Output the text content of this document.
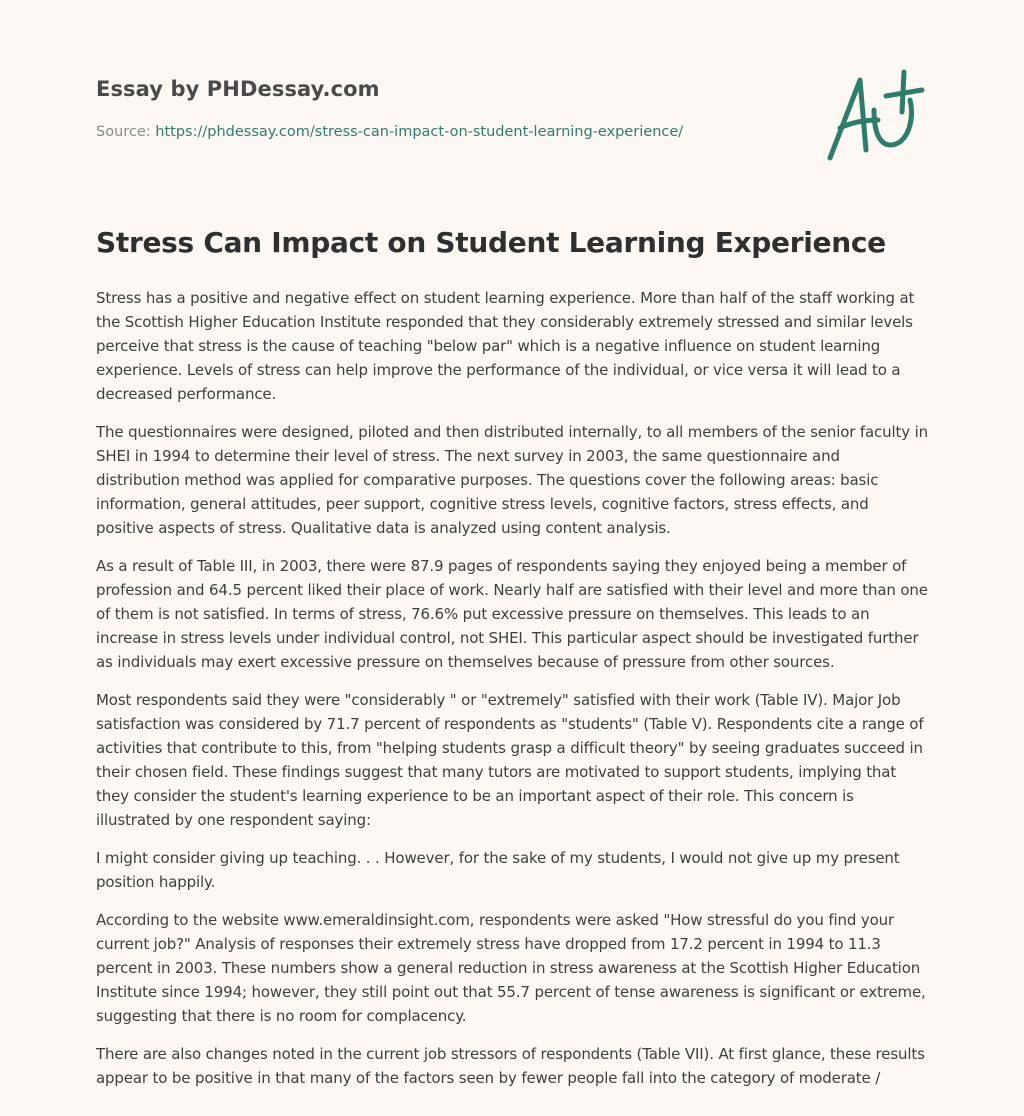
Essay by PHDessay.com
Source: https://phdessay.com/stress-can-impact-on-student-learning-experience/
Stress Can Impact on Student Learning Experience

Stress has a positive and negative effect on student learning experience. More than half of the staff working at the Scottish Higher Education Institute responded that they considerably extremely stressed and similar levels perceive that stress is the cause of teaching "below par" which is a negative influence on student learning experience. Levels of stress can help improve the performance of the individual, or vice versa it will lead to a decreased performance.

The questionnaires were designed, piloted and then distributed internally, to all members of the senior faculty in SHEI in 1994 to determine their level of stress. The next survey in 2003, the same questionnaire and distribution method was applied for comparative purposes. The questions cover the following areas: basic information, general attitudes, peer support, cognitive stress levels, cognitive factors, stress effects, and positive aspects of stress. Qualitative data is analyzed using content analysis.

As a result of Table III, in 2003, there were 87.9 pages of respondents saying they enjoyed being a member of profession and 64.5 percent liked their place of work. Nearly half are satisfied with their level and more than one of them is not satisfied. In terms of stress, 76.6% put excessive pressure on themselves. This leads to an increase in stress levels under individual control, not SHEI. This particular aspect should be investigated further as individuals may exert excessive pressure on themselves because of pressure from other sources.

Most respondents said they were "considerably " or "extremely" satisfied with their work (Table IV). Major Job satisfaction was considered by 71.7 percent of respondents as "students" (Table V). Respondents cite a range of activities that contribute to this, from "helping students grasp a difficult theory" by seeing graduates succeed in their chosen field. These findings suggest that many tutors are motivated to support students, implying that they consider the student's learning experience to be an important aspect of their role. This concern is illustrated by one respondent saying:

I might consider giving up teaching. . . However, for the sake of my students, I would not give up my present position happily.

According to the website www.emeraldinsight.com, respondents were asked "How stressful do you find your current job?" Analysis of responses their extremely stress have dropped from 17.2 percent in 1994 to 11.3 percent in 2003. These numbers show a general reduction in stress awareness at the Scottish Higher Education Institute since 1994; however, they still point out that 55.7 percent of tense awareness is significant or extreme, suggesting that there is no room for complacency.

There are also changes noted in the current job stressors of respondents (Table VII). At first glance, these results appear to be positive in that many of the factors seen by fewer people fall into the category of moderate /
